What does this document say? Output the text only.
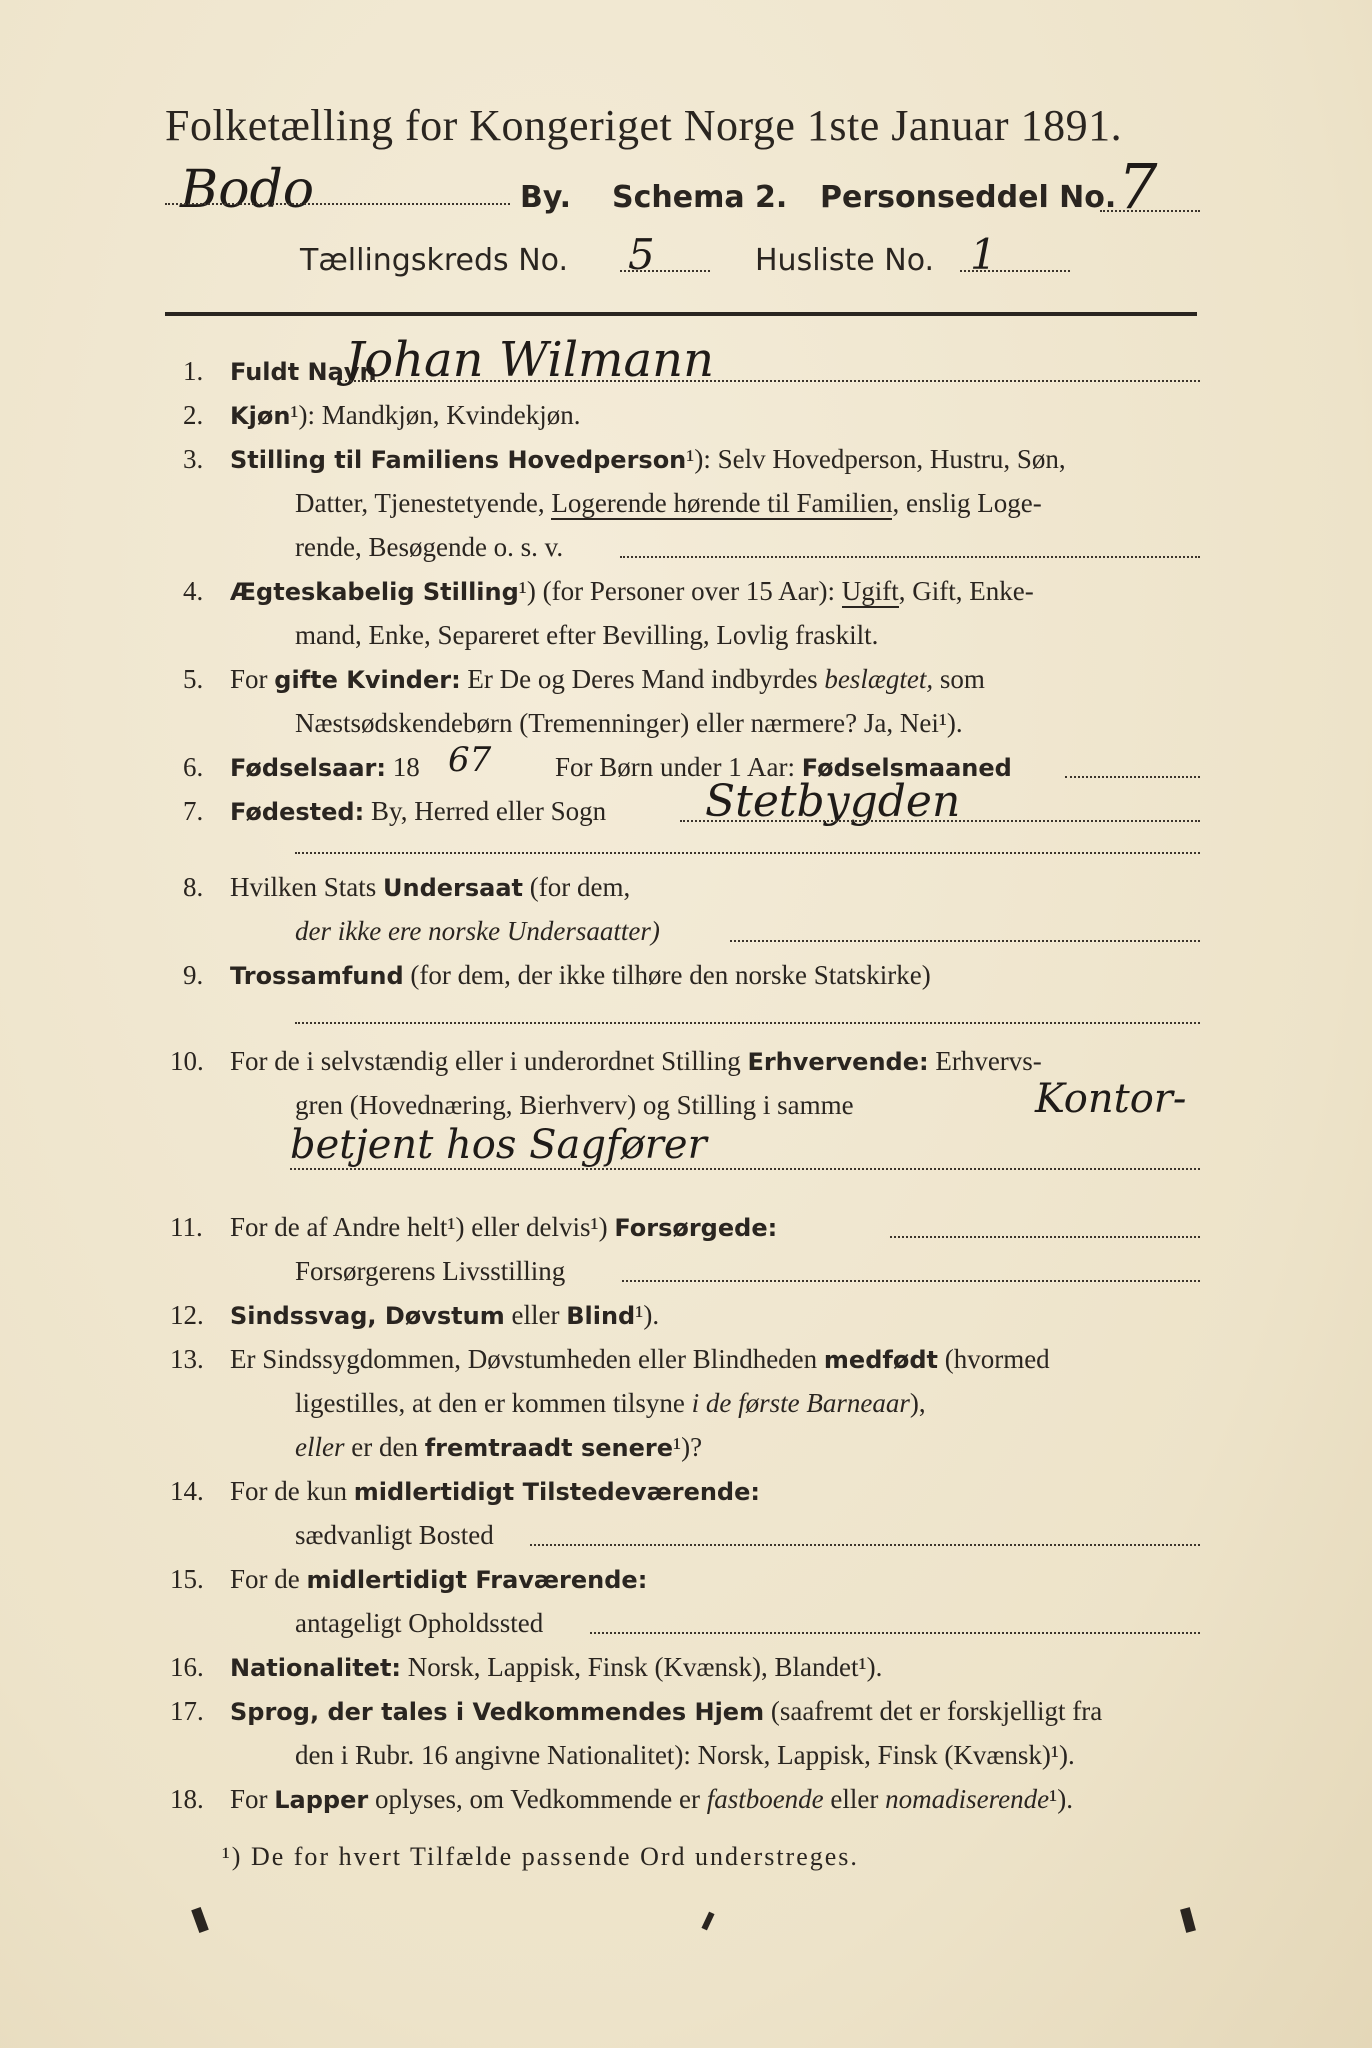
Folketælling for Kongeriget Norge 1ste Januar 1891.
Bodo	By. Schema 2. Personseddel No. 7
Tællingskreds No. 5	Husliste No. 1
1. Fuldt Navn
Johan Wilmann
2. Kjøn¹): Mandkjøn, Kvindekjøn.
3. Stilling til Familiens Hovedperson¹): Selv Hovedperson, Hustru, Søn,
Datter, Tjenestetyende, Logerende hørende til Familien, enslig Loge-
rende, Besøgende o. s. v.
4. Ægteskabelig Stilling¹) (for Personer over 15 Aar): Ugift, Gift, Enke-
mand, Enke, Separeret efter Bevilling, Lovlig fraskilt.
5. For gifte Kvinder: Er De og Deres Mand indbyrdes beslægtet, som
Næstsødskendebørn (Tremenninger) eller nærmere? Ja, Nei¹).
6. Fødselsaar: 18 67 For Børn under 1 Aar: Fødselsmaaned
7. Fødested: By, Herred eller Sogn Stetbygden
8. Hvilken Stats Undersaat (for dem,
der ikke ere norske Undersaatter)
9. Trossamfund (for dem, der ikke tilhøre den norske Statskirke)
10. For de i selvstændig eller i underordnet Stilling Erhvervende: Erhvervs-
gren (Hovednæring, Bierhverv) og Stilling i samme	Kontor-
betjent hos Sagfører
11. For de af Andre helt¹) eller delvis¹) Forsørgede:
Forsørgerens Livsstilling
12. Sindssvag, Døvstum eller Blind¹).
13. Er Sindssygdommen, Døvstumheden eller Blindheden medfødt (hvormed
ligestilles, at den er kommen tilsyne i de første Barneaar),
eller er den fremtraadt senere¹)?
14. For de kun midlertidigt Tilstedeværende:
sædvanligt Bosted
15. For de midlertidigt Fraværende:
antageligt Opholdssted
16. Nationalitet: Norsk, Lappisk, Finsk (Kvænsk), Blandet¹).
17. Sprog, der tales i Vedkommendes Hjem (saafremt det er forskjelligt fra
den i Rubr. 16 angivne Nationalitet): Norsk, Lappisk, Finsk (Kvænsk)¹).
18. For Lapper oplyses, om Vedkommende er fastboende eller nomadiserende¹).
¹) De for hvert Tilfælde passende Ord understreges.
